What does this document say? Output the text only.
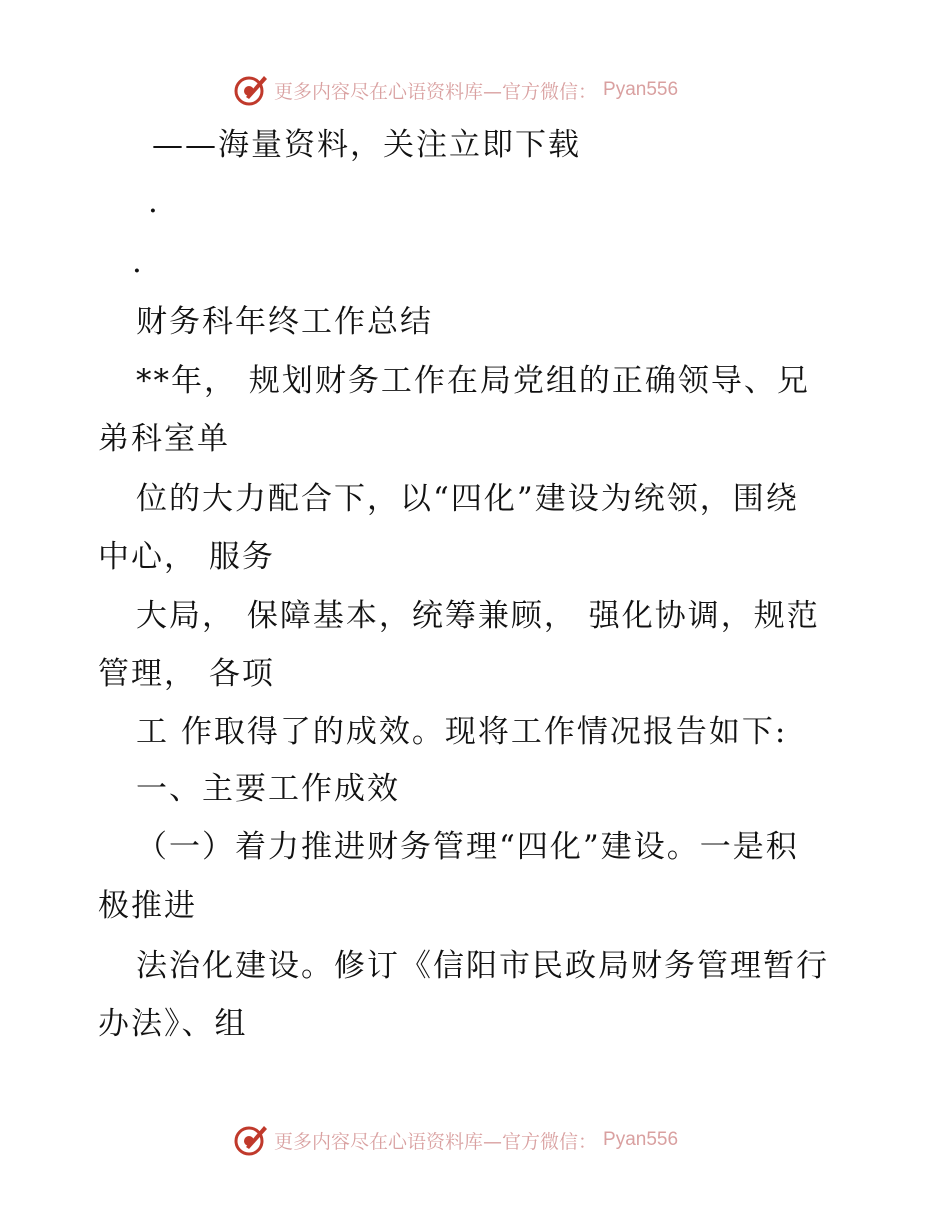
更多内容尽在心语资料库—官方微信： Pyan556
——海量资料，关注立即下载
·
·
财务科年终工作总结
**年， 规划财务工作在局党组的正确领导、兄
弟科室单
位的大力配合下，以“四化”建设为统领，围绕
中心， 服务
大局， 保障基本，统筹兼顾， 强化协调，规范
管理， 各项
工 作取得了的成效。现将工作情况报告如下:
一、主要工作成效
（一）着力推进财务管理“四化”建设。一是积
极推进
法治化建设。修订《信阳市民政局财务管理暂行
办法》、组
更多内容尽在心语资料库—官方微信： Pyan556
